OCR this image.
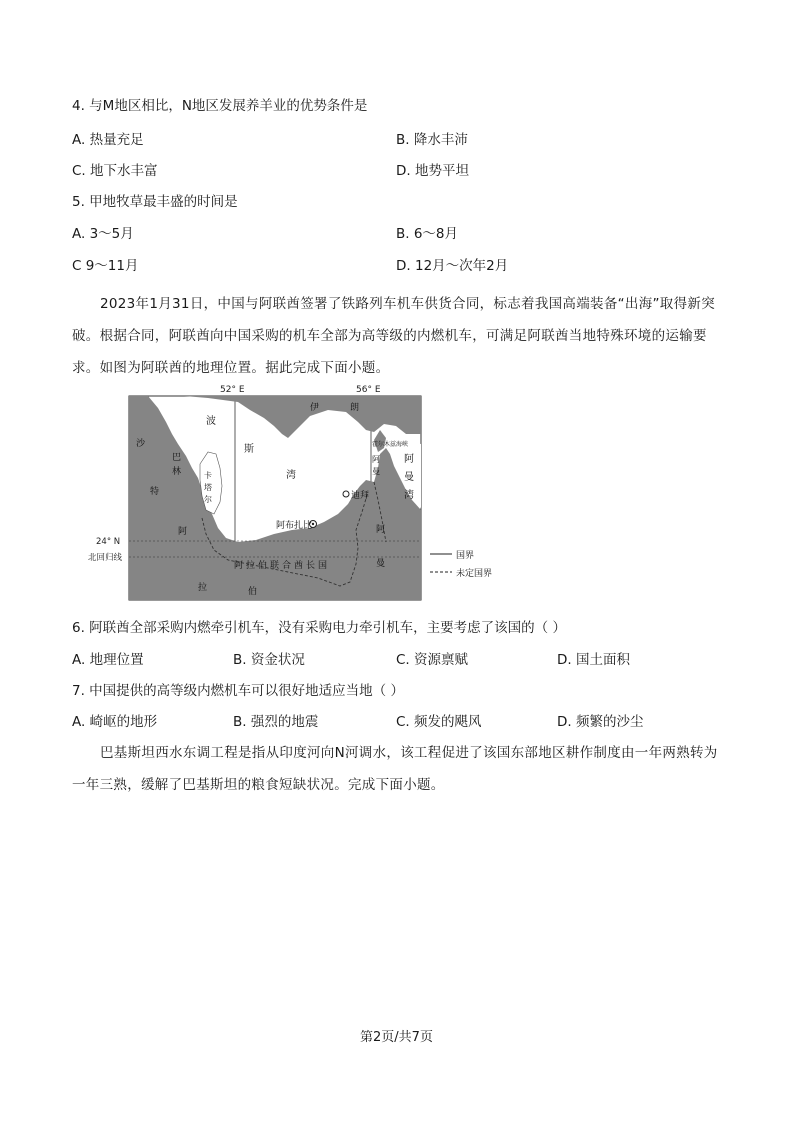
4. 与M地区相比，N地区发展养羊业的优势条件是
A. 热量充足	B. 降水丰沛
C. 地下水丰富	D. 地势平坦
5. 甲地牧草最丰盛的时间是
A. 3～5月	B. 6～8月
C 9～11月	D. 12月～次年2月
2023年1月31日，中国与阿联酋签署了铁路列车机车供货合同，标志着我国高端装备“出海”取得新突破。根据合同，阿联酋向中国采购的机车全部为高等级的内燃机车，可满足阿联酋当地特殊环境的运输要求。如图为阿联酋的地理位置。据此完成下面小题。
52° E	56° E
24° N
北回归线
波
斯
湾
伊	朗
沙
特
巴
林	卡
塔
尔
霍尔木兹海峡
阿
曼
阿
曼
湾
迪拜
阿布扎比
阿拉伯联合酋长国
阿
拉	伯
阿
曼
国界
未定国界
6. 阿联酋全部采购内燃牵引机车，没有采购电力牵引机车，主要考虑了该国的（ ）
A. 地理位置	B. 资金状况	C. 资源禀赋	D. 国土面积
7. 中国提供的高等级内燃机车可以很好地适应当地（ ）
A. 崎岖的地形	B. 强烈的地震	C. 频发的飓风	D. 频繁的沙尘
巴基斯坦西水东调工程是指从印度河向N河调水，该工程促进了该国东部地区耕作制度由一年两熟转为一年三熟，缓解了巴基斯坦的粮食短缺状况。完成下面小题。
第2页/共7页
